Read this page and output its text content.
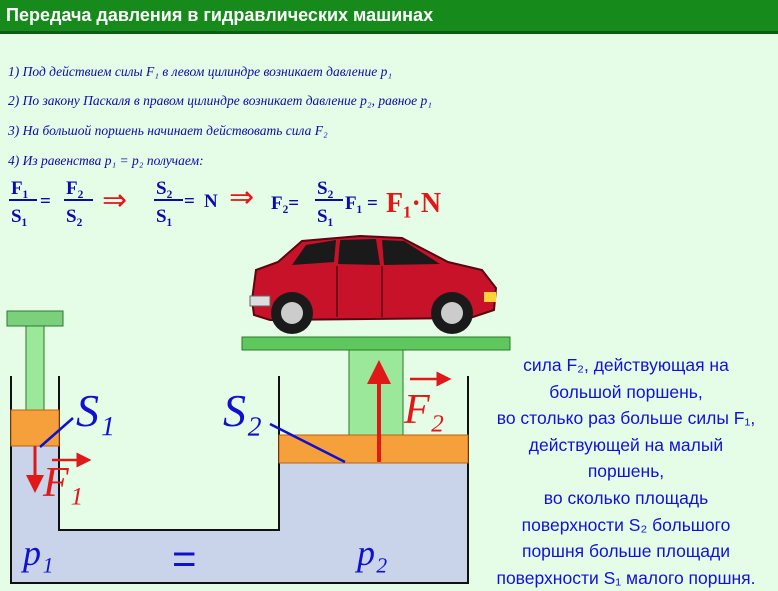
Передача давления в гидравлических машинах
1) Под действием силы F₁ в левом цилиндре возникает давление p₁
2) По закону Паскаля в правом цилиндре возникает давление p₂, равное p₁
3) На большой поршень начинает действовать сила F₂
4) Из равенства p₁ = p₂ получаем:
F₁
S₁
=
F₂
S₂ ⇒ S₂
S₁
= N ⇒ F₂=
S₂
S₁
F₁ = F₁·N
S₁ S₂	F₂
F₁
p₁	p₂
=
сила F₂, действующая на
большой поршень,
во столько раз больше силы F₁,
действующей на малый
поршень,
во сколько площадь
поверхности S₂ большого
поршня больше площади
поверхности S₁ малого поршня.
